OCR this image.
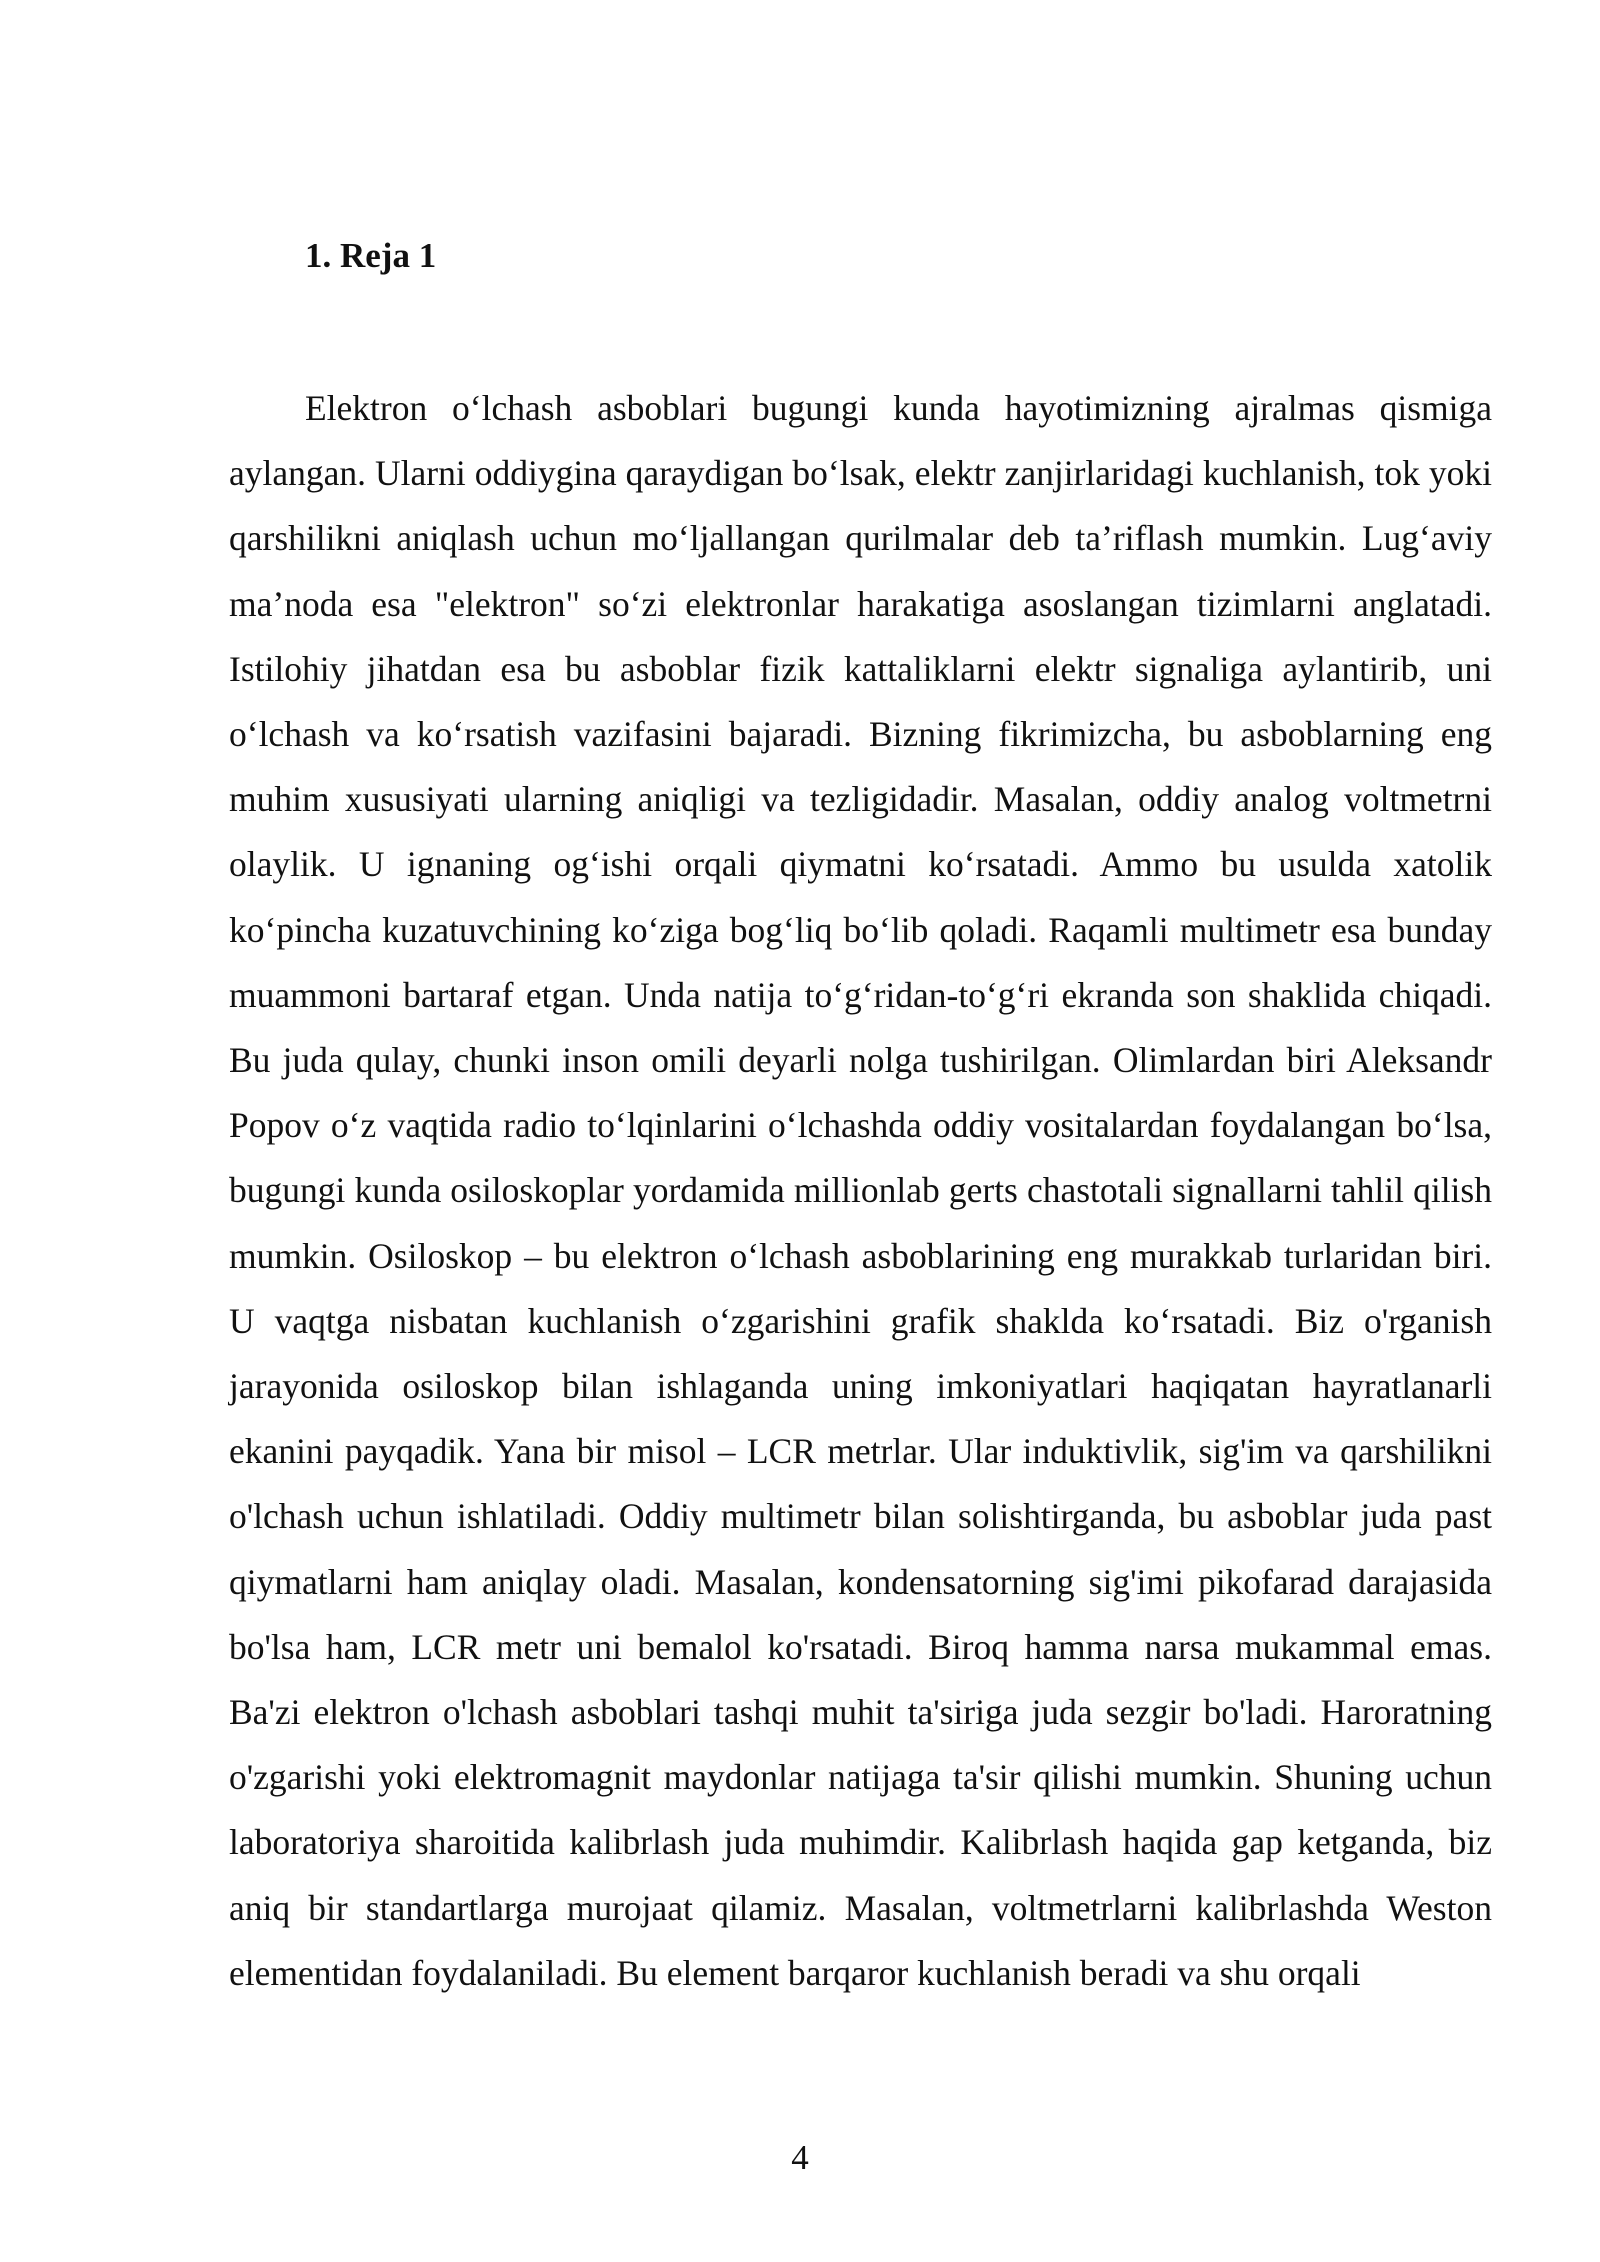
1. Reja 1

Elektron o‘lchash asboblari bugungi kunda hayotimizning ajralmas qismiga aylangan. Ularni oddiygina qaraydigan bo‘lsak, elektr zanjirlaridagi kuchlanish, tok yoki qarshilikni aniqlash uchun mo‘ljallangan qurilmalar deb ta’riflash mumkin. Lug‘aviy ma’noda esa "elektron" so‘zi elektronlar harakatiga asoslangan tizimlarni anglatadi. Istilohiy jihatdan esa bu asboblar fizik kattaliklarni elektr signaliga aylantirib, uni o‘lchash va ko‘rsatish vazifasini bajaradi. Bizning fikrimizcha, bu asboblarning eng muhim xususiyati ularning aniqligi va tezligidadir. Masalan, oddiy analog voltmetrni olaylik. U ignaning og‘ishi orqali qiymatni ko‘rsatadi. Ammo bu usulda xatolik ko‘pincha kuzatuvchining ko‘ziga bog‘liq bo‘lib qoladi. Raqamli multimetr esa bunday muammoni bartaraf etgan. Unda natija to‘g‘ridan-to‘g‘ri ekranda son shaklida chiqadi. Bu juda qulay, chunki inson omili deyarli nolga tushirilgan. Olimlardan biri Aleksandr Popov o‘z vaqtida radio to‘lqinlarini o‘lchashda oddiy vositalardan foydalangan bo‘lsa, bugungi kunda osiloskoplar yordamida millionlab gerts chastotali signallarni tahlil qilish mumkin. Osiloskop – bu elektron o‘lchash asboblarining eng murakkab turlaridan biri. U vaqtga nisbatan kuchlanish o‘zgarishini grafik shaklda ko‘rsatadi. Biz o'rganish jarayonida osiloskop bilan ishlaganda uning imkoniyatlari haqiqatan hayratlanarli ekanini payqadik. Yana bir misol – LCR metrlar. Ular induktivlik, sig'im va qarshilikni o'lchash uchun ishlatiladi. Oddiy multimetr bilan solishtirganda, bu asboblar juda past qiymatlarni ham aniqlay oladi. Masalan, kondensatorning sig'imi pikofarad darajasida bo'lsa ham, LCR metr uni bemalol ko'rsatadi. Biroq hamma narsa mukammal emas. Ba'zi elektron o'lchash asboblari tashqi muhit ta'siriga juda sezgir bo'ladi. Haroratning o'zgarishi yoki elektromagnit maydonlar natijaga ta'sir qilishi mumkin. Shuning uchun laboratoriya sharoitida kalibrlash juda muhimdir. Kalibrlash haqida gap ketganda, biz aniq bir standartlarga murojaat qilamiz. Masalan, voltmetrlarni kalibrlashda Weston elementidan foydalaniladi. Bu element barqaror kuchlanish beradi va shu orqali

4
